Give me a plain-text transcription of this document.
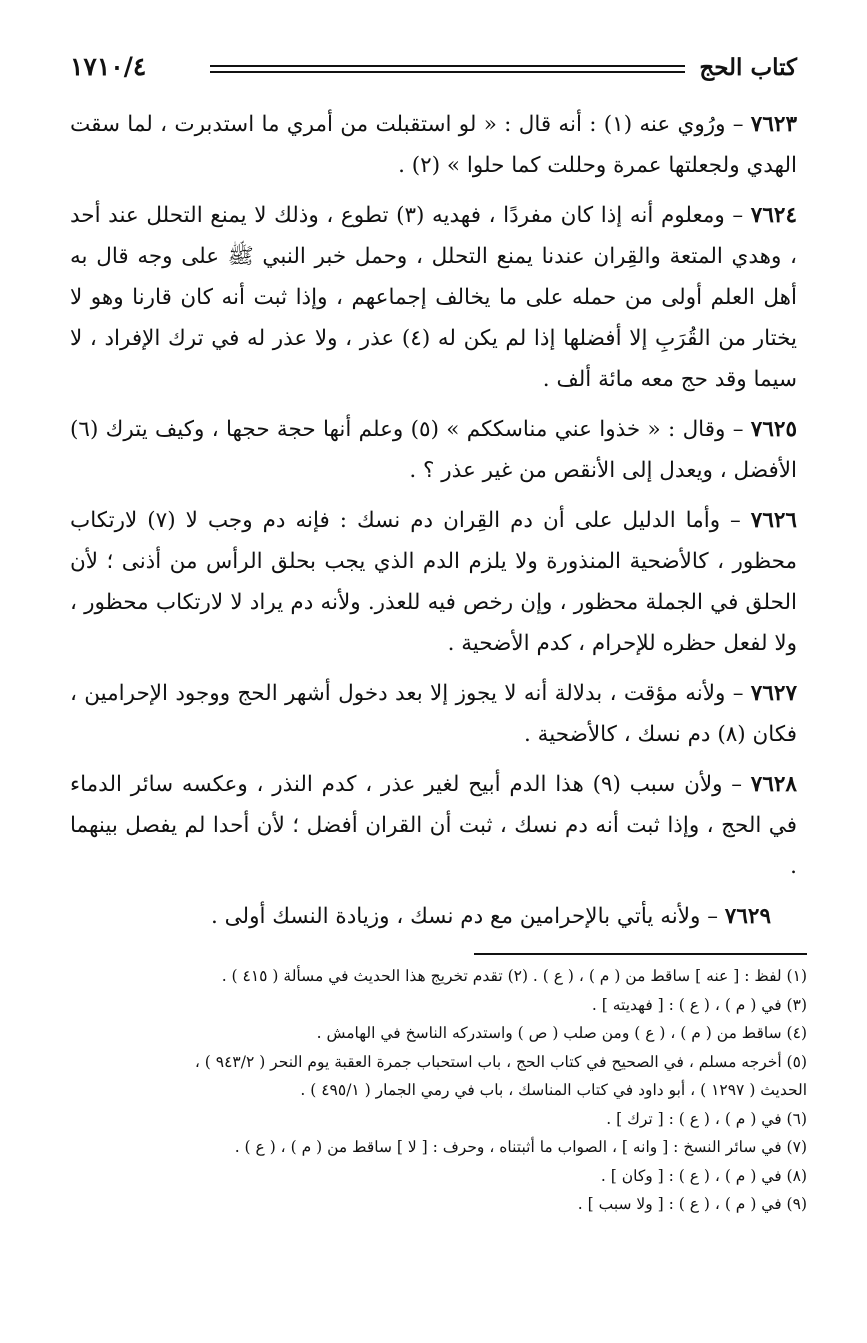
كتاب الحج
١٧١٠/٤

٧٦٢٣ – ورُوي عنه (١) : أنه قال : « لو استقبلت من أمري ما استدبرت ، لما سقت الهدي ولجعلتها عمرة وحللت كما حلوا » (٢) .

٧٦٢٤ – ومعلوم أنه إذا كان مفردًا ، فهديه (٣) تطوع ، وذلك لا يمنع التحلل عند أحد ، وهدي المتعة والقِران عندنا يمنع التحلل ، وحمل خبر النبي ﷺ على وجه قال به أهل العلم أولى من حمله على ما يخالف إجماعهم ، وإذا ثبت أنه كان قارنا وهو لا يختار من القُرَبِ إلا أفضلها إذا لم يكن له (٤) عذر ، ولا عذر له في ترك الإفراد ، لا سيما وقد حج معه مائة ألف .

٧٦٢٥ – وقال : « خذوا عني مناسككم » (٥) وعلم أنها حجة حجها ، وكيف يترك (٦) الأفضل ، ويعدل إلى الأنقص من غير عذر ؟ .

٧٦٢٦ – وأما الدليل على أن دم القِران دم نسك : فإنه دم وجب لا (٧) لارتكاب محظور ، كالأضحية المنذورة ولا يلزم الدم الذي يجب بحلق الرأس من أذنى ؛ لأن الحلق في الجملة محظور ، وإن رخص فيه للعذر. ولأنه دم يراد لا لارتكاب محظور ، ولا لفعل حظره للإحرام ، كدم الأضحية .

٧٦٢٧ – ولأنه مؤقت ، بدلالة أنه لا يجوز إلا بعد دخول أشهر الحج ووجود الإحرامين ، فكان (٨) دم نسك ، كالأضحية .

٧٦٢٨ – ولأن سبب (٩) هذا الدم أبيح لغير عذر ، كدم النذر ، وعكسه سائر الدماء في الحج ، وإذا ثبت أنه دم نسك ، ثبت أن القران أفضل ؛ لأن أحدا لم يفصل بينهما .

٧٦٢٩ – ولأنه يأتي بالإحرامين مع دم نسك ، وزيادة النسك أولى .

(١) لفظ : [ عنه ] ساقط من ( م ) ، ( ع ) . (٢) تقدم تخريج هذا الحديث في مسألة ( ٤١٥ ) .
(٣) في ( م ) ، ( ع ) : [ فهديته ] .
(٤) ساقط من ( م ) ، ( ع ) ومن صلب ( ص ) واستدركه الناسخ في الهامش .
(٥) أخرجه مسلم ، في الصحيح في كتاب الحج ، باب استحباب جمرة العقبة يوم النحر ( ٩٤٣/٢ ) ،
الحديث ( ١٢٩٧ ) ، أبو داود في كتاب المناسك ، باب في رمي الجمار ( ٤٩٥/١ ) .
(٦) في ( م ) ، ( ع ) : [ ترك ] .
(٧) في سائر النسخ : [ وانه ] ، الصواب ما أثبتناه ، وحرف : [ لا ] ساقط من ( م ) ، ( ع ) .
(٨) في ( م ) ، ( ع ) : [ وكان ] .
(٩) في ( م ) ، ( ع ) : [ ولا سبب ] .
